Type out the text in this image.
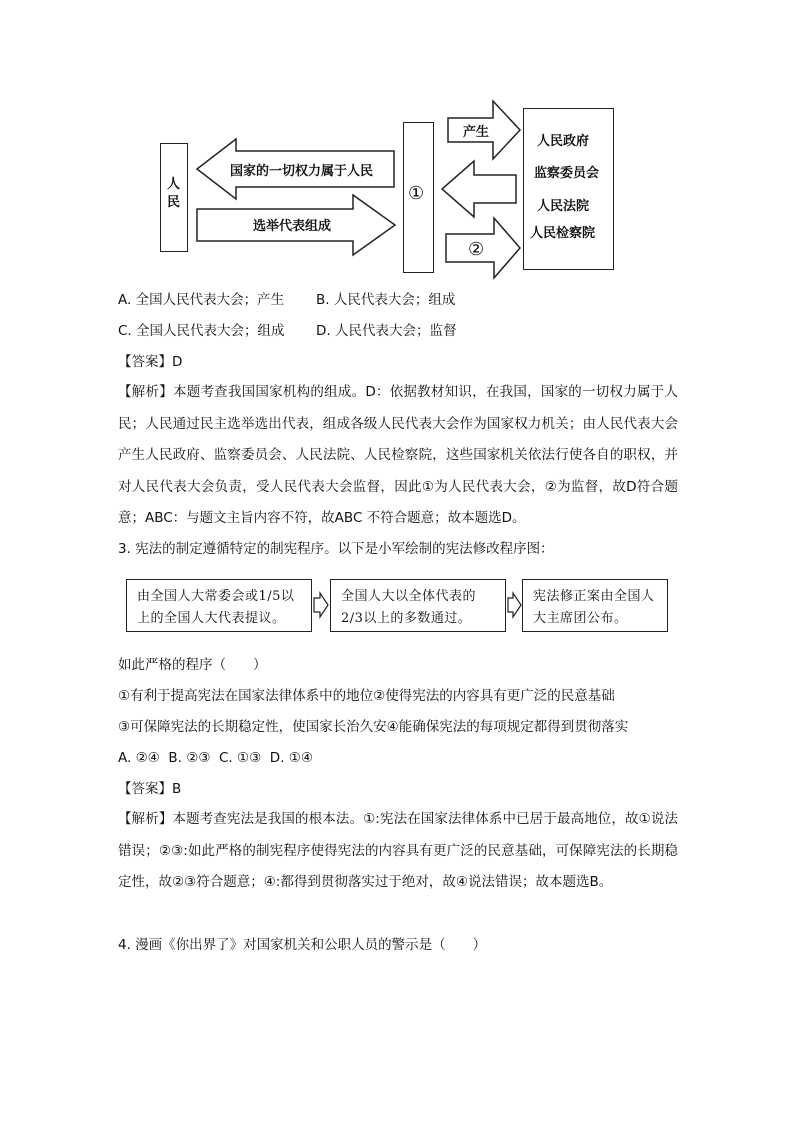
人民	①
人民政府
监察委员会
人民法院
人民检察院
国家的一切权力属于人民
选举代表组成
产生
②
A. 全国人民代表大会；产生 B. 人民代表大会；组成
C. 全国人民代表大会；组成 D. 人民代表大会；监督
【答案】D
【解析】本题考查我国国家机构的组成。D：依据教材知识，在我国，国家的一切权力属于人民；人民通过民主选举选出代表，组成各级人民代表大会作为国家权力机关；由人民代表大会产生人民政府、监察委员会、人民法院、人民检察院，这些国家机关依法行使各自的职权，并对人民代表大会负责，受人民代表大会监督，因此①为人民代表大会，②为监督，故D符合题意；ABC：与题文主旨内容不符，故ABC 不符合题意；故本题选D。
3. 宪法的制定遵循特定的制宪程序。以下是小军绘制的宪法修改程序图：
由全国人大常委会或1/5以上的全国人大代表提议。
全国人大以全体代表的2/3以上的多数通过。
宪法修正案由全国人大主席团公布。
如此严格的程序（　　）
①有利于提高宪法在国家法律体系中的地位②使得宪法的内容具有更广泛的民意基础
③可保障宪法的长期稳定性，使国家长治久安④能确保宪法的每项规定都得到贯彻落实
A. ②④  B. ②③  C. ①③  D. ①④
【答案】B
【解析】本题考查宪法是我国的根本法。①:宪法在国家法律体系中已居于最高地位，故①说法错误；②③:如此严格的制宪程序使得宪法的内容具有更广泛的民意基础，可保障宪法的长期稳定性，故②③符合题意；④:都得到贯彻落实过于绝对，故④说法错误；故本题选B。
4. 漫画《你出界了》对国家机关和公职人员的警示是（　　）
